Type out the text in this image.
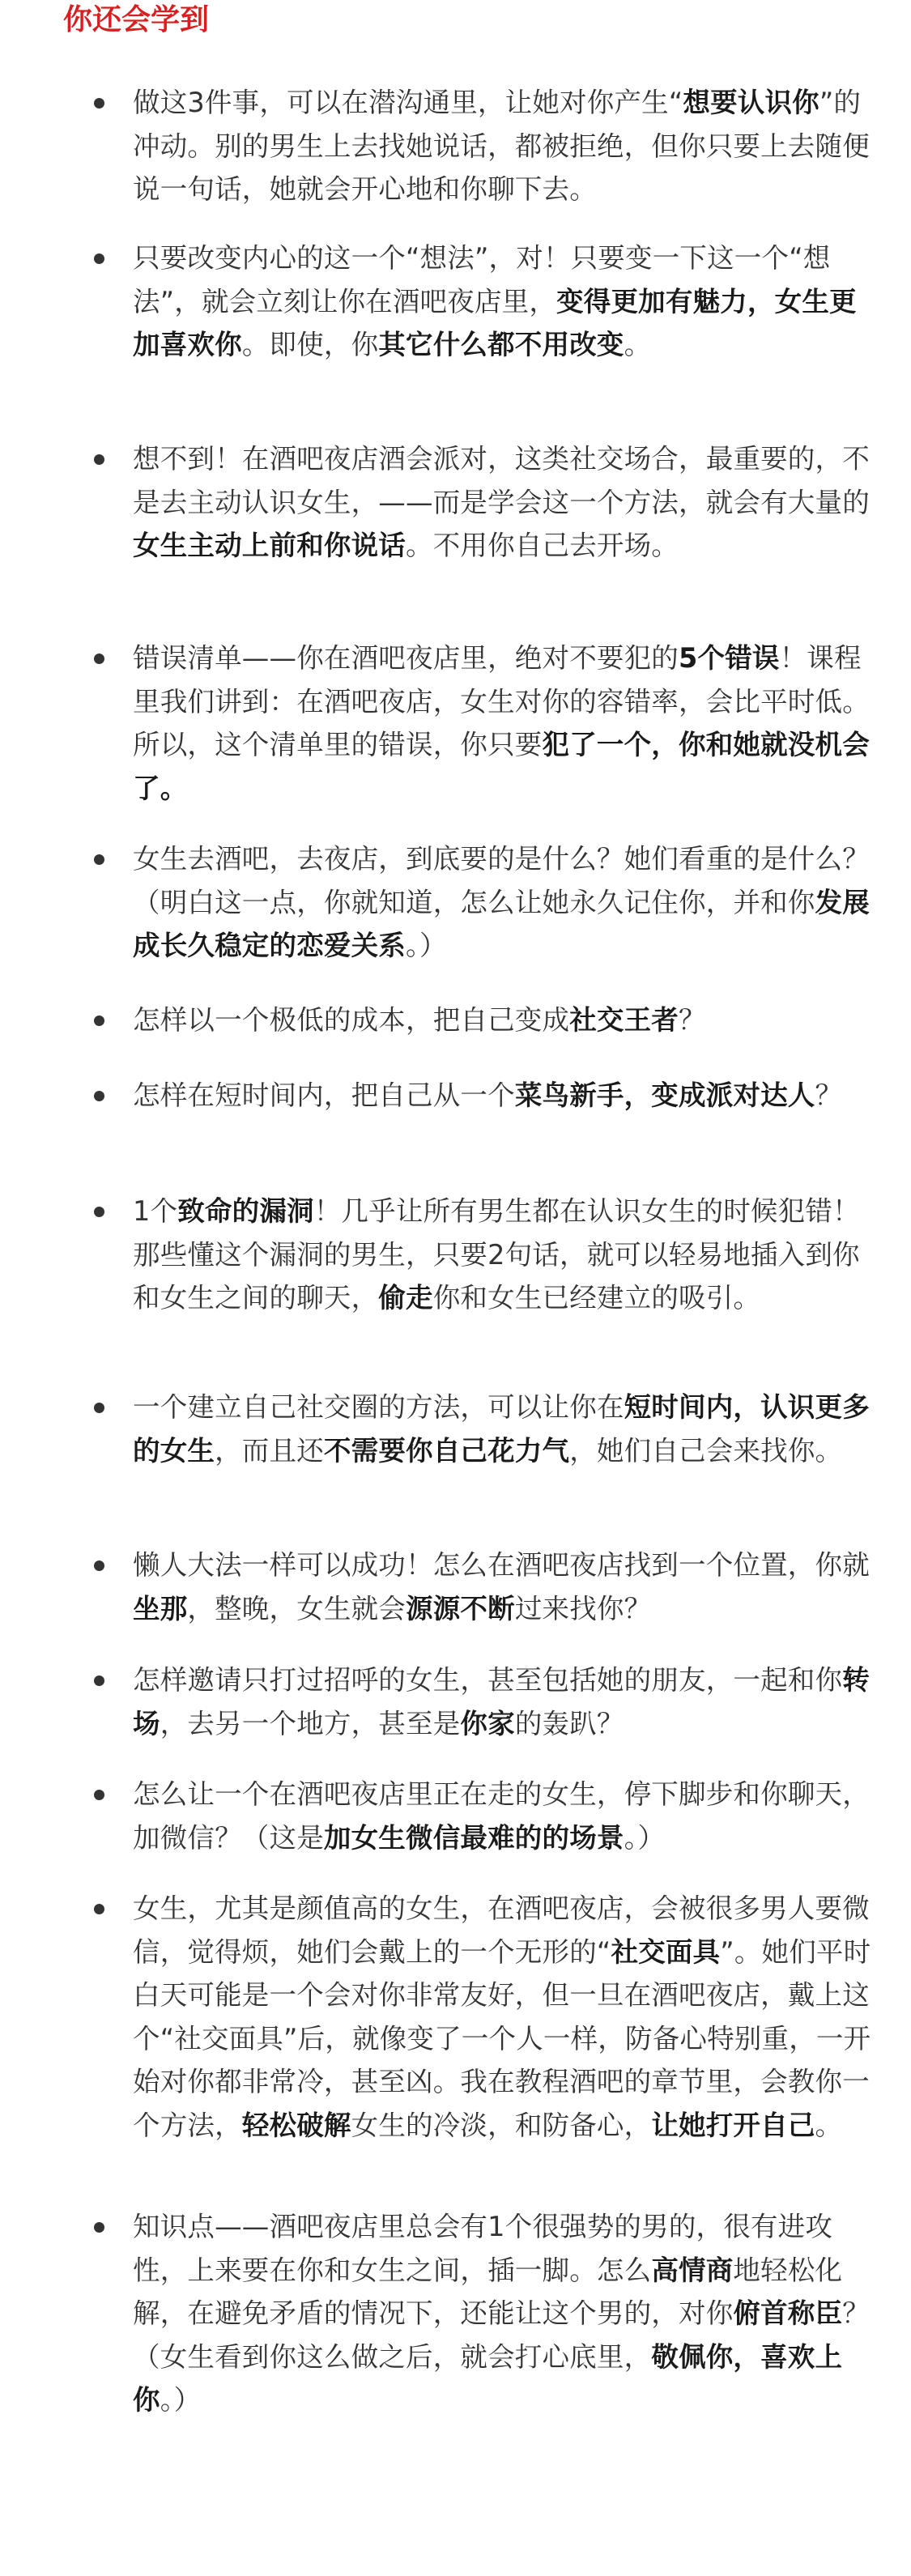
你还会学到

做这3件事，可以在潜沟通里，让她对你产生“想要认识你”的冲动。别的男生上去找她说话，都被拒绝，但你只要上去随便说一句话，她就会开心地和你聊下去。

只要改变内心的这一个“想法”，对！只要变一下这一个“想法”，就会立刻让你在酒吧夜店里，变得更加有魅力，女生更加喜欢你。即使，你其它什么都不用改变。

想不到！在酒吧夜店酒会派对，这类社交场合，最重要的，不是去主动认识女生，——而是学会这一个方法，就会有大量的女生主动上前和你说话。不用你自己去开场。

错误清单——你在酒吧夜店里，绝对不要犯的5个错误！课程里我们讲到：在酒吧夜店，女生对你的容错率，会比平时低。所以，这个清单里的错误，你只要犯了一个，你和她就没机会了。

女生去酒吧，去夜店，到底要的是什么？她们看重的是什么？（明白这一点，你就知道，怎么让她永久记住你，并和你发展成长久稳定的恋爱关系。）

怎样以一个极低的成本，把自己变成社交王者？

怎样在短时间内，把自己从一个菜鸟新手，变成派对达人？

1个致命的漏洞！几乎让所有男生都在认识女生的时候犯错！那些懂这个漏洞的男生，只要2句话，就可以轻易地插入到你和女生之间的聊天，偷走你和女生已经建立的吸引。

一个建立自己社交圈的方法，可以让你在短时间内，认识更多的女生，而且还不需要你自己花力气，她们自己会来找你。

懒人大法一样可以成功！怎么在酒吧夜店找到一个位置，你就坐那，整晚，女生就会源源不断过来找你？

怎样邀请只打过招呼的女生，甚至包括她的朋友，一起和你转场，去另一个地方，甚至是你家的轰趴？

怎么让一个在酒吧夜店里正在走的女生，停下脚步和你聊天，加微信？（这是加女生微信最难的的场景。）

女生，尤其是颜值高的女生，在酒吧夜店，会被很多男人要微信，觉得烦，她们会戴上的一个无形的“社交面具”。她们平时白天可能是一个会对你非常友好，但一旦在酒吧夜店，戴上这个“社交面具”后，就像变了一个人一样，防备心特别重，一开始对你都非常冷，甚至凶。我在教程酒吧的章节里，会教你一个方法，轻松破解女生的冷淡，和防备心，让她打开自己。

知识点——酒吧夜店里总会有1个很强势的男的，很有进攻性，上来要在你和女生之间，插一脚。怎么高情商地轻松化解，在避免矛盾的情况下，还能让这个男的，对你俯首称臣？（女生看到你这么做之后，就会打心底里，敬佩你，喜欢上你。）
